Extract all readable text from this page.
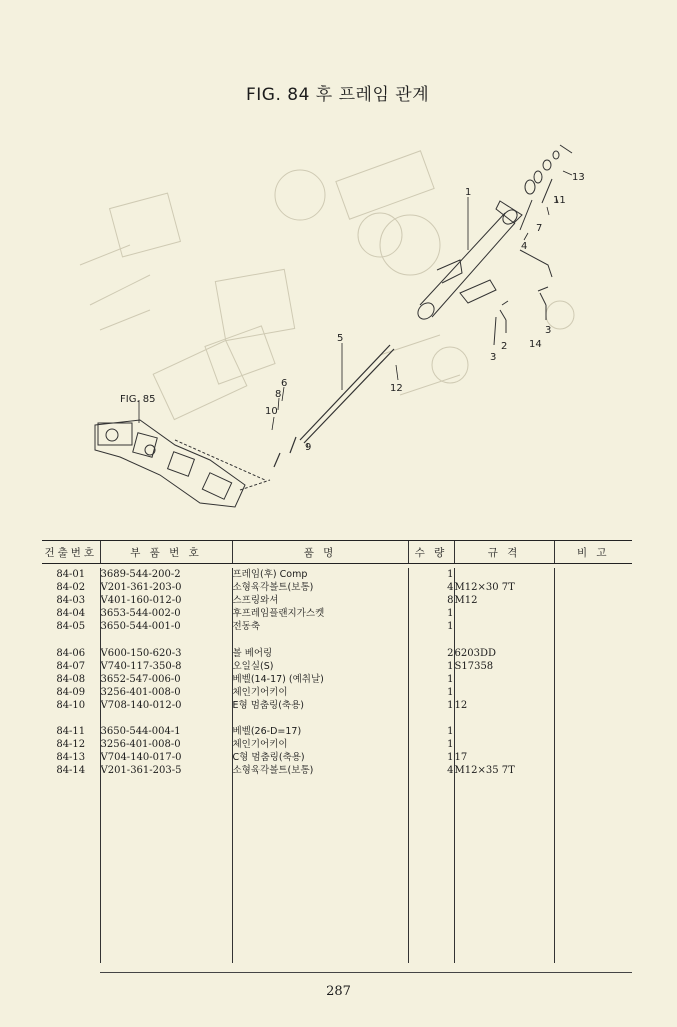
FIG. 84 후 프레임 관계
1
2
3
3
4
5
6
7
8
9
10
11
12
13
14
FIG. 85
건출번호	부 품 번 호	품 명	수 량	규 격	비 고

84-01	3689-544-200-2	프레임(후) Comp	1		
84-02	V201-361-203-0	소형육각볼트(보통)	4	M12×30 7T	
84-03	V401-160-012-0	스프링와셔	8	M12	
84-04	3653-544-002-0	후프레임플랜지가스켓	1		
84-05	3650-544-001-0	전동축	1		

84-06	V600-150-620-3	볼 베어링	2	6203DD	
84-07	V740-117-350-8	오일실(S)	1	S17358	
84-08	3652-547-006-0	베벨(14-17) (예취날)	1		
84-09	3256-401-008-0	체인기어키이	1		
84-10	V708-140-012-0	E형 멈춤링(축용)	1	12	

84-11	3650-544-004-1	베벨(26-D=17)	1		
84-12	3256-401-008-0	체인기어키이	1		
84-13	V704-140-017-0	C형 멈춤링(축용)	1	17	
84-14	V201-361-203-5	소형육각볼트(보통)	4	M12×35 7T	

287
